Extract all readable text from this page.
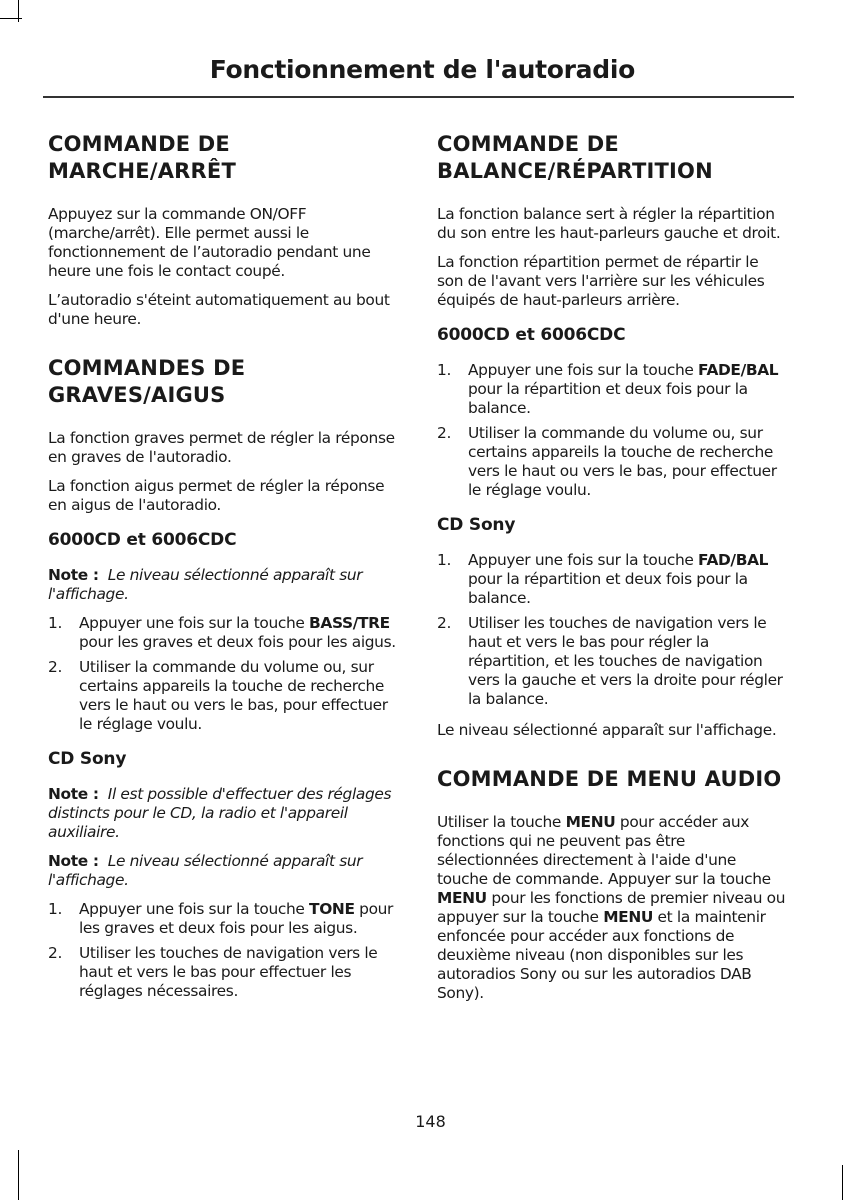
Fonctionnement de l'autoradio
COMMANDE DE MARCHE/ARRÊT

Appuyez sur la commande ON/OFF (marche/arrêt). Elle permet aussi le fonctionnement de l’autoradio pendant une heure une fois le contact coupé.

L’autoradio s'éteint automatiquement au bout d'une heure.

COMMANDES DE GRAVES/AIGUS

La fonction graves permet de régler la réponse en graves de l'autoradio.

La fonction aigus permet de régler la réponse en aigus de l'autoradio.

6000CD et 6006CDC

Note : Le niveau sélectionné apparaît sur l'affichage.

1. Appuyer une fois sur la touche BASS/TRE pour les graves et deux fois pour les aigus.
2. Utiliser la commande du volume ou, sur certains appareils la touche de recherche vers le haut ou vers le bas, pour effectuer le réglage voulu.
CD Sony

Note : Il est possible d'effectuer des réglages distincts pour le CD, la radio et l'appareil auxiliaire.

Note : Le niveau sélectionné apparaît sur l'affichage.

1. Appuyer une fois sur la touche TONE pour les graves et deux fois pour les aigus.
2. Utiliser les touches de navigation vers le haut et vers le bas pour effectuer les réglages nécessaires.
COMMANDE DE BALANCE/RÉPARTITION

La fonction balance sert à régler la répartition du son entre les haut-parleurs gauche et droit.

La fonction répartition permet de répartir le son de l'avant vers l'arrière sur les véhicules équipés de haut-parleurs arrière.

6000CD et 6006CDC
1. Appuyer une fois sur la touche FADE/BAL pour la répartition et deux fois pour la balance.
2. Utiliser la commande du volume ou, sur certains appareils la touche de recherche vers le haut ou vers le bas, pour effectuer le réglage voulu.
CD Sony
1. Appuyer une fois sur la touche FAD/BAL pour la répartition et deux fois pour la balance.
2. Utiliser les touches de navigation vers le haut et vers le bas pour régler la répartition, et les touches de navigation vers la gauche et vers la droite pour régler la balance.

Le niveau sélectionné apparaît sur l'affichage.

COMMANDE DE MENU AUDIO

Utiliser la touche MENU pour accéder aux fonctions qui ne peuvent pas être sélectionnées directement à l'aide d'une touche de commande. Appuyer sur la touche MENU pour les fonctions de premier niveau ou appuyer sur la touche MENU et la maintenir enfoncée pour accéder aux fonctions de deuxième niveau (non disponibles sur les autoradios Sony ou sur les autoradios DAB Sony).

148
